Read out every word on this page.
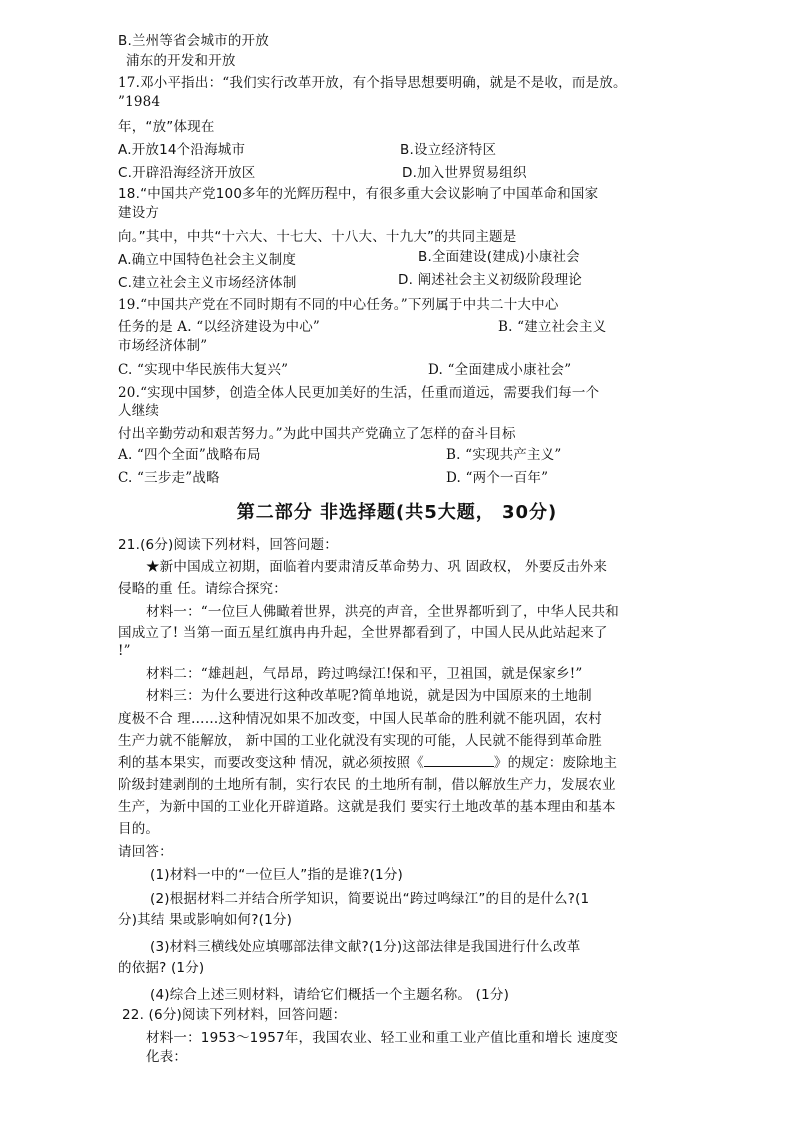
B.兰州等省会城市的开放
浦东的开发和开放
17.邓小平指出：“我们实行改革开放，有个指导思想要明确，就是不是收，而是放。
”1984
年，“放”体现在
A.开放14个沿海城市	B.设立经济特区
C.开辟沿海经济开放区	D.加入世界贸易组织
18.“中国共产党100多年的光辉历程中，有很多重大会议影响了中国革命和国家
建设方
向。”其中，中共“十六大、十七大、十八大、十九大”的共同主题是
A.确立中国特色社会主义制度	B.全面建设(建成)小康社会
C.建立社会主义市场经济体制	D. 阐述社会主义初级阶段理论
19.“中国共产党在不同时期有不同的中心任务。”下列属于中共二十大中心
任务的是 A. “以经济建设为中心”	B. “建立社会主义
市场经济体制”
C. “实现中华民族伟大复兴”	D. “全面建成小康社会”
20.“实现中国梦，创造全体人民更加美好的生活，任重而道远，需要我们每一个
人继续
付出辛勤劳动和艰苦努力。”为此中国共产党确立了怎样的奋斗目标
A. “四个全面”战略布局	B. “实现共产主义”
C. “三步走”战略	D. “两个一百年”
第二部分 非选择题(共5大题， 30分)
21.(6分)阅读下列材料，回答问题：
★新中国成立初期，面临着内要肃清反革命势力、巩 固政权， 外要反击外来
侵略的重 任。请综合探究：
材料一：“一位巨人佛瞰着世界，洪亮的声音，全世界都听到了，中华人民共和
国成立了! 当第一面五星红旗冉冉升起，全世界都看到了，中国人民从此站起来了
!”
材料二：“雄赳赳，气昂昂，跨过鸣绿江!保和平，卫祖国，就是保家乡!”
材料三：为什么要进行这种改革呢?简单地说，就是因为中国原来的土地制
度极不合 理……这种情况如果不加改变，中国人民革命的胜利就不能巩固，农村
生产力就不能解放， 新中国的工业化就没有实现的可能，人民就不能得到革命胜
利的基本果实，而要改变这种 情况，就必须按照《	》的规定：废除地主
阶级封建剥削的土地所有制，实行农民 的土地所有制，借以解放生产力，发展农业
生产，为新中国的工业化开辟道路。这就是我们 要实行土地改革的基本理由和基本
目的。
请回答：
(1)材料一中的“一位巨人”指的是谁?(1分)
(2)根据材料二并结合所学知识，简要说出“跨过鸣绿江”的目的是什么?(1
分)其结 果或影响如何?(1分)
(3)材料三横线处应填哪部法律文献?(1分)这部法律是我国进行什么改革
的依据? (1分)
(4)综合上述三则材料，请给它们概括一个主题名称。 (1分)
22. (6分)阅读下列材料，回答问题：
材料一：1953～1957年，我国农业、轻工业和重工业产值比重和增长 速度变
化表：
